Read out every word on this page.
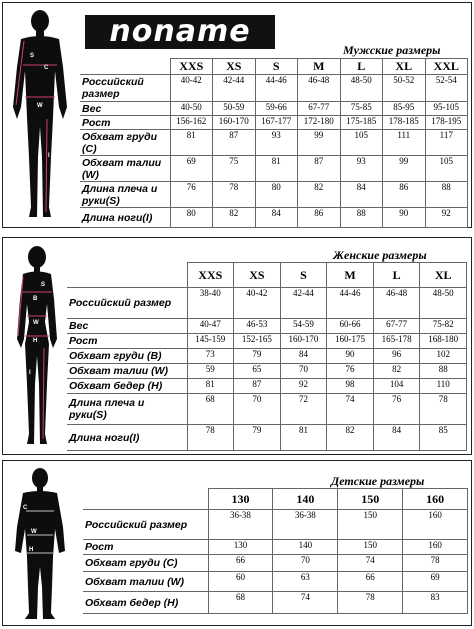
S
C
W
I
noname
Мужские размеры
	XXS	XS	S	M	L	XL	XXL
Российский размер	40-42	42-44	44-46	46-48	48-50	50-52	52-54
Вес	40-50	50-59	59-66	67-77	75-85	85-95	95-105
Рост	156-162	160-170	167-177	172-180	175-185	178-185	178-195
Обхват груди (С)	81	87	93	99	105	111	117
Обхват талии (W)	69	75	81	87	93	99	105
Длина плеча и руки(S)	76	78	80	82	84	86	88
Длина ноги(I)	80	82	84	86	88	90	92
S
B
W
H
I
Женские размеры
	XXS	XS	S	M	L	XL
Российский размер	38-40	40-42	42-44	44-46	46-48	48-50
Вес	40-47	46-53	54-59	60-66	67-77	75-82
Рост	145-159	152-165	160-170	160-175	165-178	168-180
Обхват груди (В)	73	79	84	90	96	102
Обхват талии (W)	59	65	70	76	82	88
Обхват бедер (H)	81	87	92	98	104	110
Длина плеча и руки(S)	68	70	72	74	76	78
Длина ноги(I)	78	79	81	82	84	85
C
W
H
Детские размеры
	130	140	150	160
Российский размер	36-38	36-38	150	160
Рост	130	140	150	160
Обхват груди (С)	66	70	74	78
Обхват талии (W)	60	63	66	69
Обхват бедер (H)	68	74	78	83
